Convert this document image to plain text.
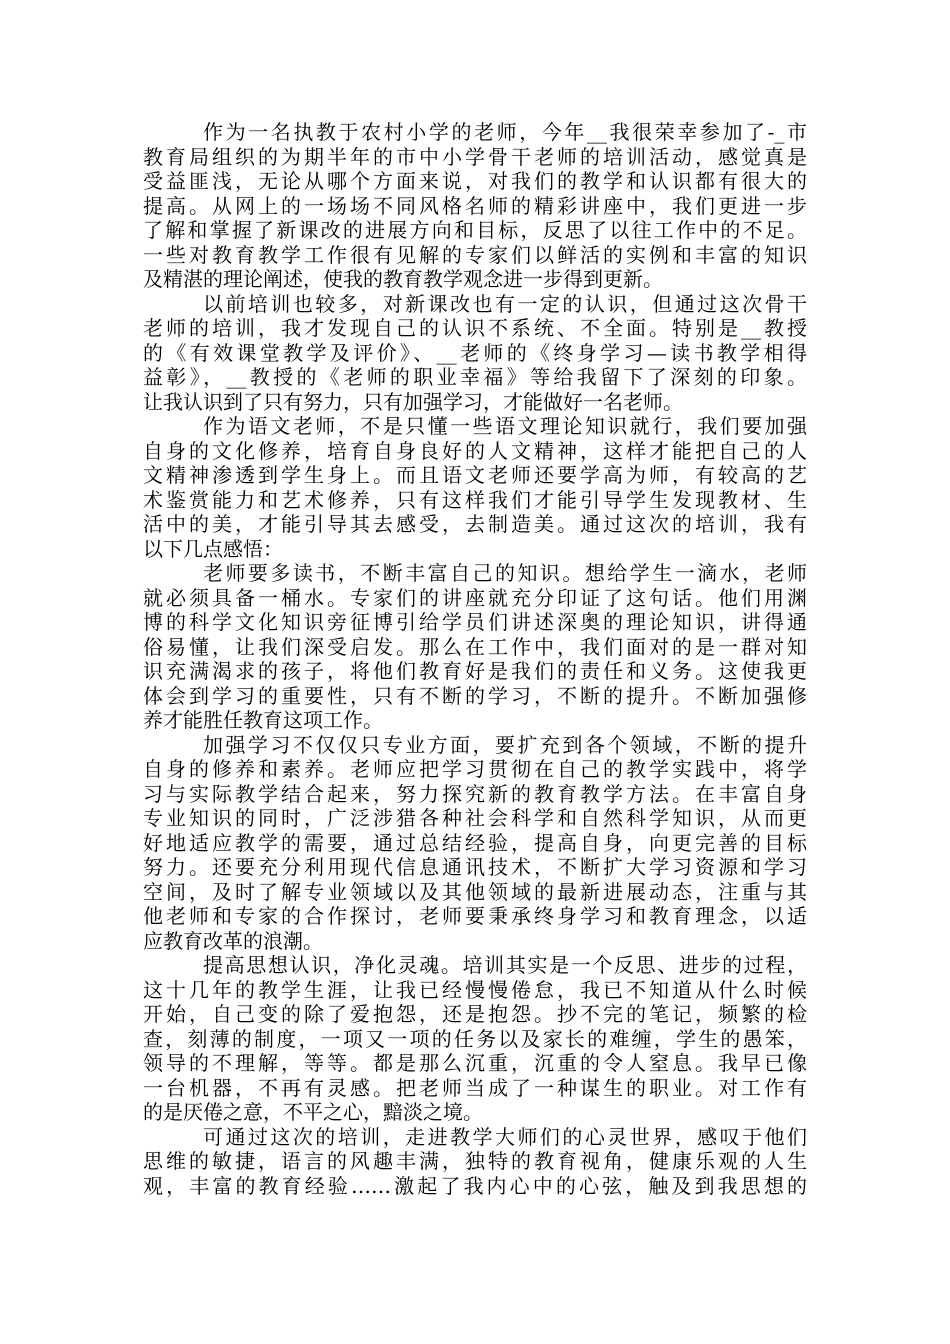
作为一名执教于农村小学的老师，今年__我很荣幸参加了-_市
教育局组织的为期半年的市中小学骨干老师的培训活动，感觉真是
受益匪浅，无论从哪个方面来说，对我们的教学和认识都有很大的
提高。从网上的一场场不同风格名师的精彩讲座中，我们更进一步
了解和掌握了新课改的进展方向和目标，反思了以往工作中的不足。
一些对教育教学工作很有见解的专家们以鲜活的实例和丰富的知识
及精湛的理论阐述，使我的教育教学观念进一步得到更新。
以前培训也较多，对新课改也有一定的认识，但通过这次骨干
老师的培训，我才发现自己的认识不系统、不全面。特别是__教授
的《有效课堂教学及评价》、__老师的《终身学习—读书教学相得
益彰》，__教授的《老师的职业幸福》等给我留下了深刻的印象。
让我认识到了只有努力，只有加强学习，才能做好一名老师。
作为语文老师，不是只懂一些语文理论知识就行，我们要加强
自身的文化修养，培育自身良好的人文精神，这样才能把自己的人
文精神渗透到学生身上。而且语文老师还要学高为师，有较高的艺
术鉴赏能力和艺术修养，只有这样我们才能引导学生发现教材、生
活中的美，才能引导其去感受，去制造美。通过这次的培训，我有
以下几点感悟：
老师要多读书，不断丰富自己的知识。想给学生一滴水，老师
就必须具备一桶水。专家们的讲座就充分印证了这句话。他们用渊
博的科学文化知识旁征博引给学员们讲述深奥的理论知识，讲得通
俗易懂，让我们深受启发。那么在工作中，我们面对的是一群对知
识充满渴求的孩子，将他们教育好是我们的责任和义务。这使我更
体会到学习的重要性，只有不断的学习，不断的提升。不断加强修
养才能胜任教育这项工作。
加强学习不仅仅只专业方面，要扩充到各个领域，不断的提升
自身的修养和素养。老师应把学习贯彻在自己的教学实践中，将学
习与实际教学结合起来，努力探究新的教育教学方法。在丰富自身
专业知识的同时，广泛涉猎各种社会科学和自然科学知识，从而更
好地适应教学的需要，通过总结经验，提高自身，向更完善的目标
努力。还要充分利用现代信息通讯技术，不断扩大学习资源和学习
空间，及时了解专业领域以及其他领域的最新进展动态，注重与其
他老师和专家的合作探讨，老师要秉承终身学习和教育理念，以适
应教育改革的浪潮。
提高思想认识，净化灵魂。培训其实是一个反思、进步的过程，
这十几年的教学生涯，让我已经慢慢倦怠，我已不知道从什么时候
开始，自己变的除了爱抱怨，还是抱怨。抄不完的笔记，频繁的检
查，刻薄的制度，一项又一项的任务以及家长的难缠，学生的愚笨，
领导的不理解，等等。都是那么沉重，沉重的令人窒息。我早已像
一台机器，不再有灵感。把老师当成了一种谋生的职业。对工作有
的是厌倦之意，不平之心，黯淡之境。
可通过这次的培训，走进教学大师们的心灵世界，感叹于他们
思维的敏捷，语言的风趣丰满，独特的教育视角，健康乐观的人生
观，丰富的教育经验……激起了我内心中的心弦，触及到我思想的
